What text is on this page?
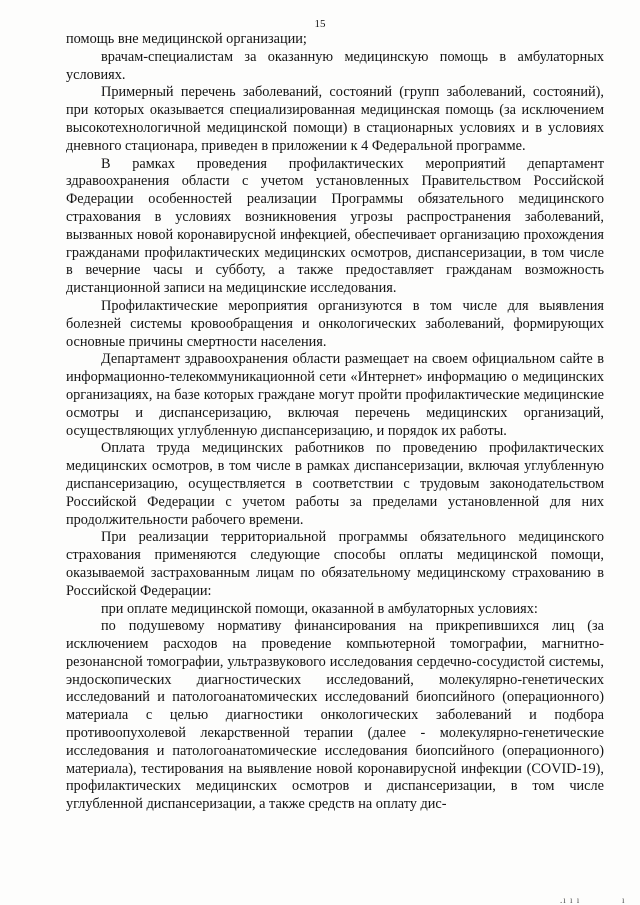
15

помощь вне медицинской организации;

врачам-специалистам за оказанную медицинскую помощь в амбулаторных условиях.

Примерный перечень заболеваний, состояний (групп заболеваний, состояний), при которых оказывается специализированная медицинская помощь (за исключением высокотехнологичной медицинской помощи) в стационарных условиях и в условиях дневного стационара, приведен в приложении к 4 Федеральной программе.

В рамках проведения профилактических мероприятий департамент здравоохранения области с учетом установленных Правительством Российской Федерации особенностей реализации Программы обязательного медицинского страхования в условиях возникновения угрозы распространения заболеваний, вызванных новой коронавирусной инфекцией, обеспечивает организацию прохождения гражданами профилактических медицинских осмотров, диспансеризации, в том числе в вечерние часы и субботу, а также предоставляет гражданам возможность дистанционной записи на медицинские исследования.

Профилактические мероприятия организуются в том числе для выявления болезней системы кровообращения и онкологических заболеваний, формирующих основные причины смертности населения.

Департамент здравоохранения области размещает на своем официальном сайте в информационно-телекоммуникационной сети «Интернет» информацию о медицинских организациях, на базе которых граждане могут пройти профилактические медицинские осмотры и диспансеризацию, включая перечень медицинских организаций, осуществляющих углубленную диспансеризацию, и порядок их работы.

Оплата труда медицинских работников по проведению профилактических медицинских осмотров, в том числе в рамках диспансеризации, включая углубленную диспансеризацию, осуществляется в соответствии с трудовым законодательством Российской Федерации с учетом работы за пределами установленной для них продолжительности рабочего времени.

При реализации территориальной программы обязательного медицинского страхования применяются следующие способы оплаты медицинской помощи, оказываемой застрахованным лицам по обязательному медицинскому страхованию в Российской Федерации:

при оплате медицинской помощи, оказанной в амбулаторных условиях:

по подушевому нормативу финансирования на прикрепившихся лиц (за исключением расходов на проведение компьютерной томографии, магнитно-резонансной томографии, ультразвукового исследования сердечно-сосудистой системы, эндоскопических диагностических исследований, молекулярно-генетических исследований и патологоанатомических исследований биопсийного (операционного) материала с целью диагностики онкологических заболеваний и подбора противоопухолевой лекарственной терапии (далее - молекулярно-генетические исследования и патологоанатомические исследования биопсийного (операционного) материала), тестирования на выявление новой коронавирусной инфекции (COVID-19), профилактических медицинских осмотров и диспансеризации, в том числе углубленной диспансеризации, а также средств на оплату дис-

.ı ı ı	ı
